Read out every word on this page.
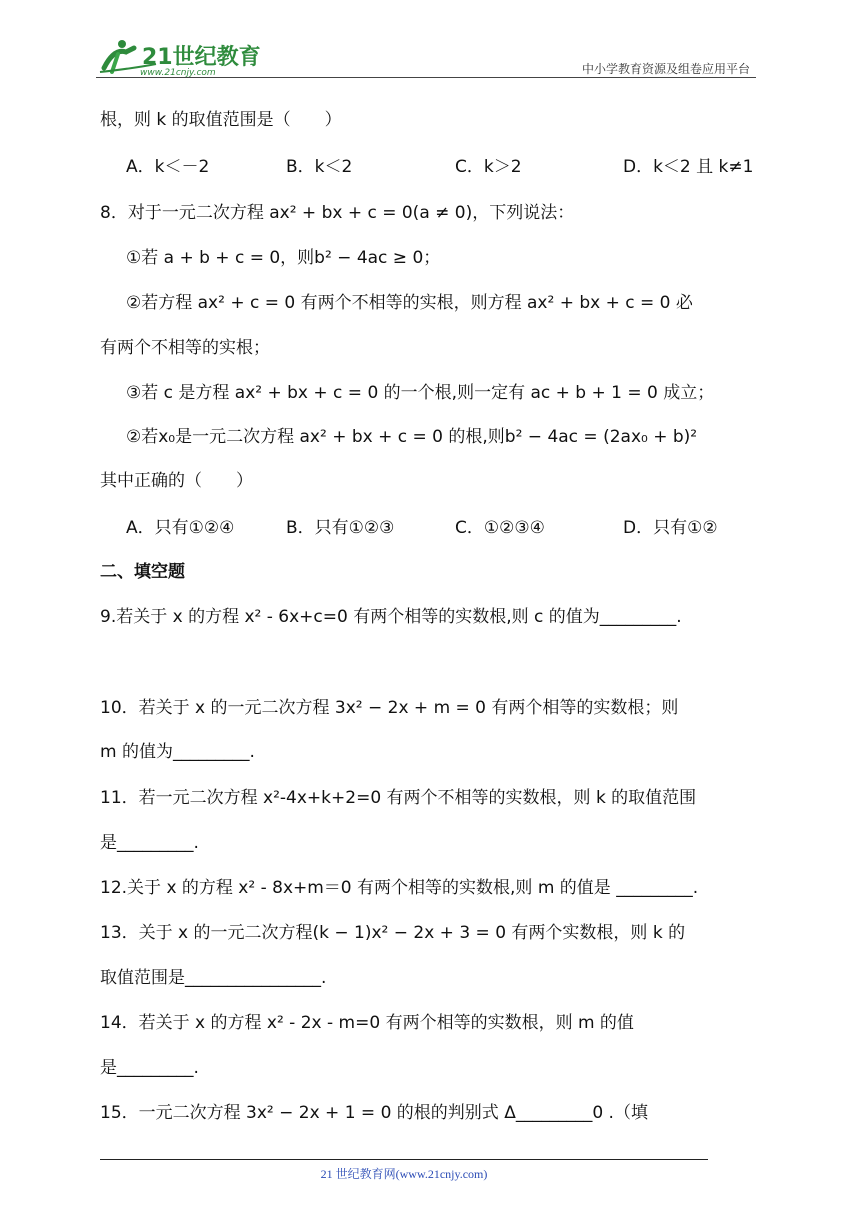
21世纪教育
www.21cnjy.com	中小学教育资源及组卷应用平台
根，则 k 的取值范围是（　　）
A．k＜－2	B．k＜2	C．k＞2	D．k＜2 且 k≠1
8．对于一元二次方程 ax² + bx + c = 0(a ≠ 0)，下列说法：
①若 a + b + c = 0，则b² − 4ac ≥ 0；
②若方程 ax² + c = 0 有两个不相等的实根，则方程 ax² + bx + c = 0 必
有两个不相等的实根；
③若 c 是方程 ax² + bx + c = 0 的一个根,则一定有 ac + b + 1 = 0 成立；
②若x₀是一元二次方程 ax² + bx + c = 0 的根,则b² − 4ac = (2ax₀ + b)²
其中正确的（　　）
A．只有①②④	B．只有①②③	C．①②③④	D．只有①②
二、填空题
9.若关于 x 的方程 x² - 6x+c=0 有两个相等的实数根,则 c 的值为_________.
10．若关于 x 的一元二次方程 3x² − 2x + m = 0 有两个相等的实数根；则
m 的值为_________.
11．若一元二次方程 x²-4x+k+2=0 有两个不相等的实数根，则 k 的取值范围
是_________.
12.关于 x 的方程 x² - 8x+m＝0 有两个相等的实数根,则 m 的值是 _________.
13．关于 x 的一元二次方程(k − 1)x² − 2x + 3 = 0 有两个实数根，则 k 的
取值范围是________________.
14．若关于 x 的方程 x² - 2x - m=0 有两个相等的实数根，则 m 的值
是_________.
15．一元二次方程 3x² − 2x + 1 = 0 的根的判别式 Δ_________0 .（填
21 世纪教育网(www.21cnjy.com)
